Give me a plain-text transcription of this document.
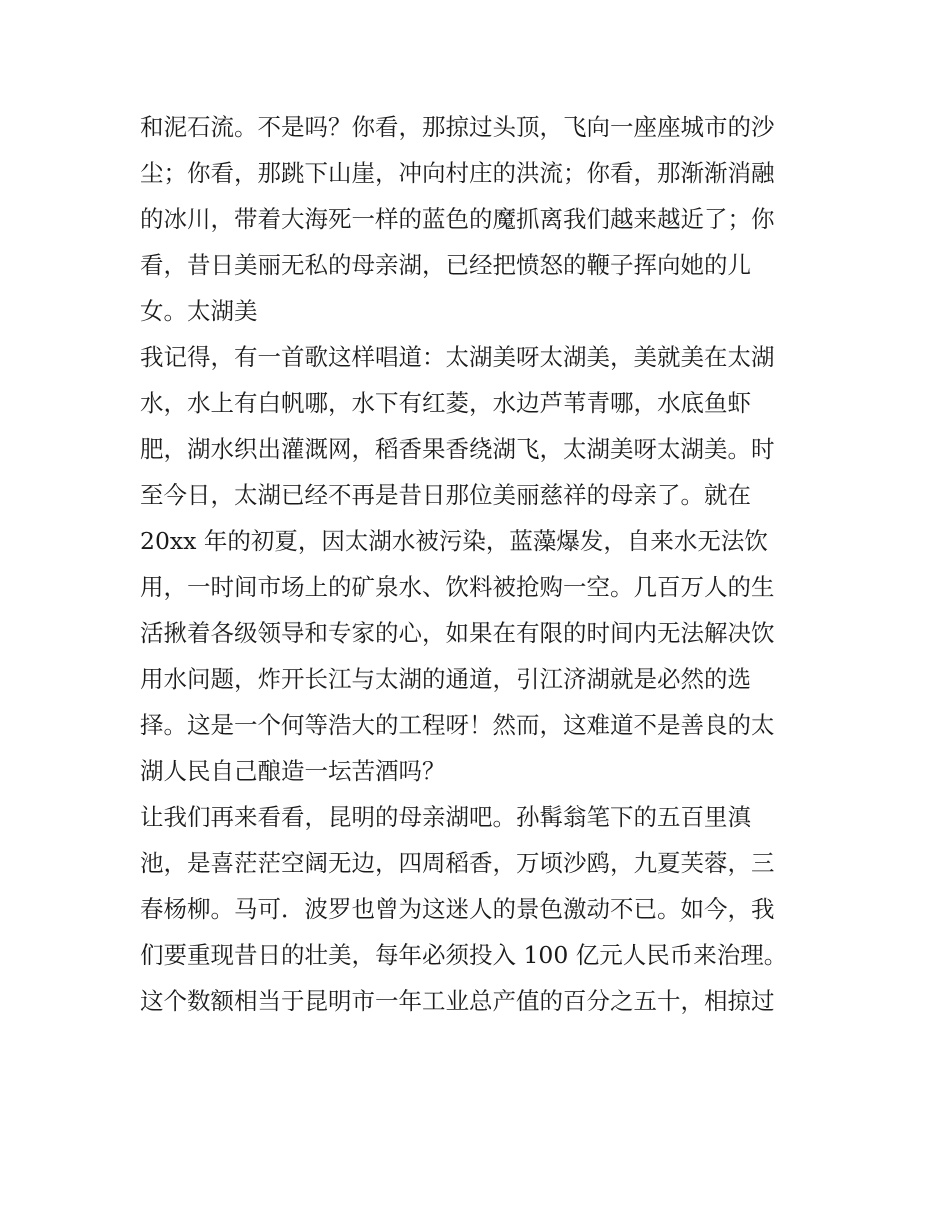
和泥石流。不是吗？你看，那掠过头顶，飞向一座座城市的沙
尘；你看，那跳下山崖，冲向村庄的洪流；你看，那渐渐消融
的冰川，带着大海死一样的蓝色的魔抓离我们越来越近了；你
看，昔日美丽无私的母亲湖，已经把愤怒的鞭子挥向她的儿
女。太湖美
我记得，有一首歌这样唱道：太湖美呀太湖美，美就美在太湖
水，水上有白帆哪，水下有红菱，水边芦苇青哪，水底鱼虾
肥，湖水织出灌溉网，稻香果香绕湖飞，太湖美呀太湖美。时
至今日，太湖已经不再是昔日那位美丽慈祥的母亲了。就在
20xx 年的初夏，因太湖水被污染，蓝藻爆发，自来水无法饮
用，一时间市场上的矿泉水、饮料被抢购一空。几百万人的生
活揪着各级领导和专家的心，如果在有限的时间内无法解决饮
用水问题，炸开长江与太湖的通道，引江济湖就是必然的选
择。这是一个何等浩大的工程呀！然而，这难道不是善良的太
湖人民自己酿造一坛苦酒吗？
让我们再来看看，昆明的母亲湖吧。孙髯翁笔下的五百里滇
池，是喜茫茫空阔无边，四周稻香，万顷沙鸥，九夏芙蓉，三
春杨柳。马可．波罗也曾为这迷人的景色激动不已。如今，我
们要重现昔日的壮美，每年必须投入 100 亿元人民币来治理。
这个数额相当于昆明市一年工业总产值的百分之五十，相掠过
